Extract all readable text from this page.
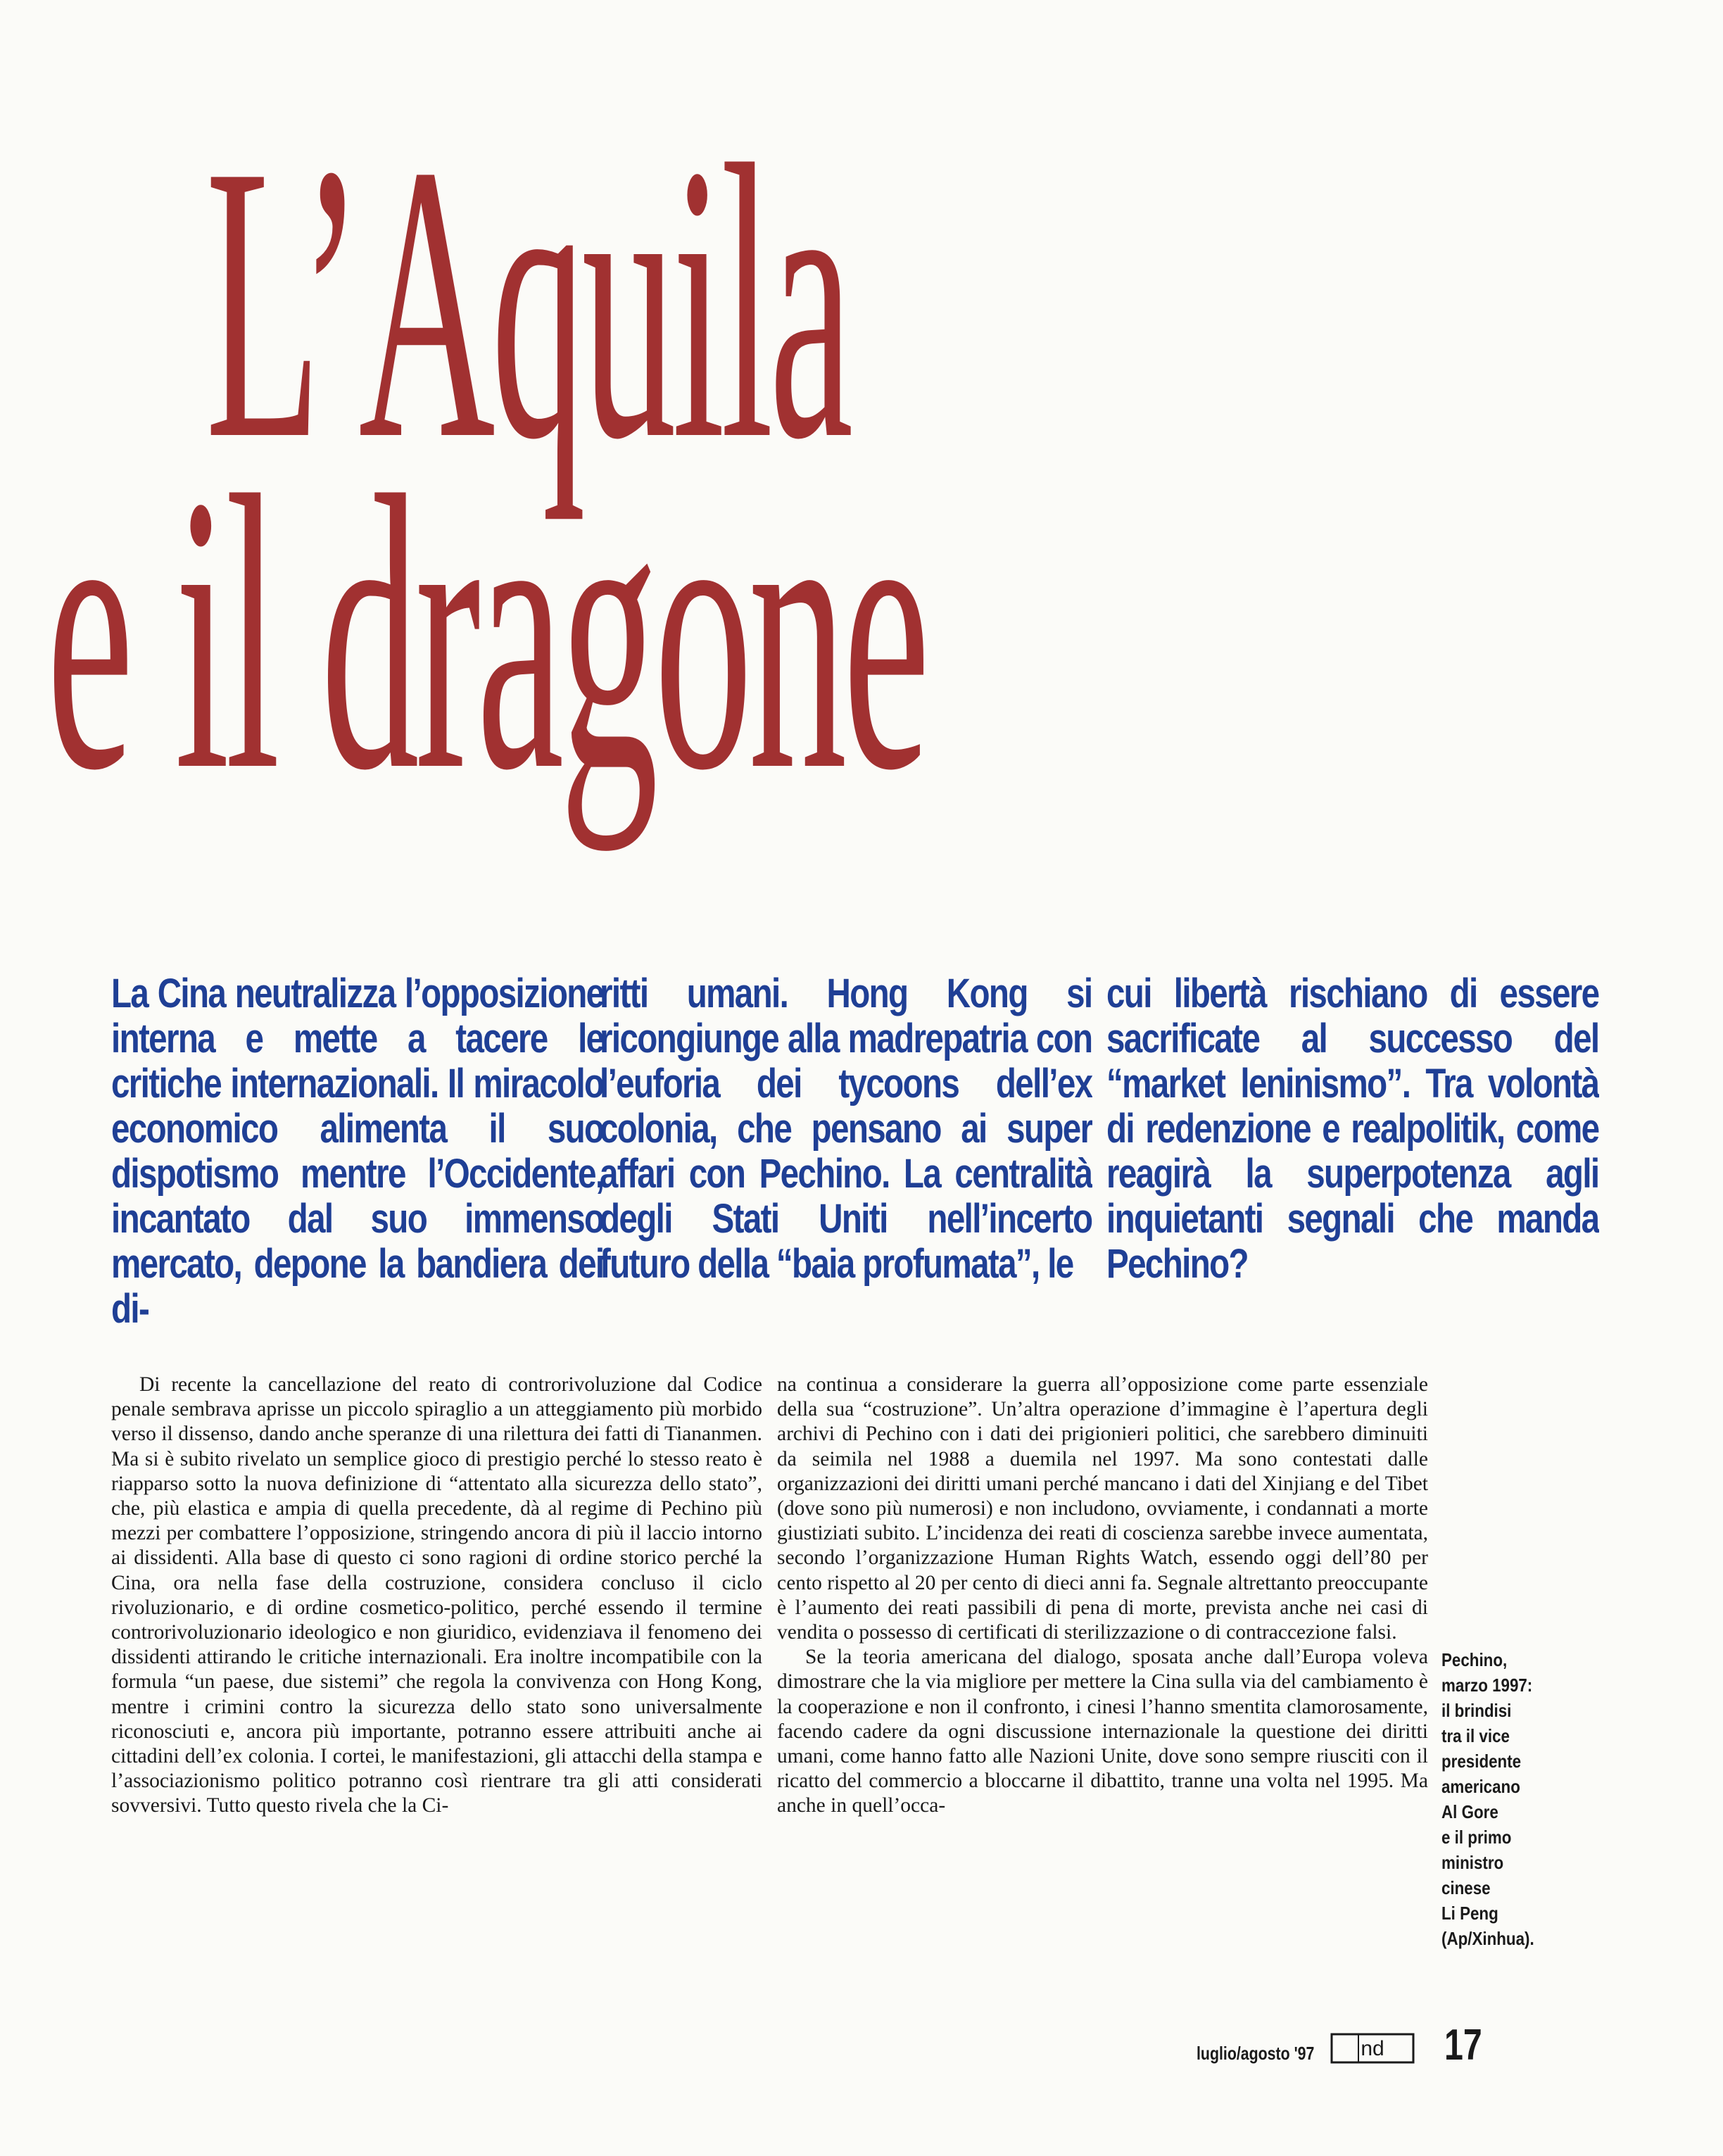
L’Aquila
e il dragone
La Cina neutralizza l’opposizione interna e mette a tacere le critiche internazionali. Il miracolo economico alimenta il suo dispotismo mentre l’Occidente, incantato dal suo immenso mercato, depone la bandiera dei di-
ritti umani. Hong Kong si ricongiunge alla madrepatria con l’euforia dei tycoons dell’ex colonia, che pensano ai super affari con Pechino. La centralità degli Stati Uniti nell’incerto futuro della “baia profumata”, le
cui libertà rischiano di essere sacrificate al successo del “market leninismo”. Tra volontà di redenzione e realpolitik, come reagirà la superpotenza agli inquietanti segnali che manda Pechino?

Di recente la cancellazione del reato di controrivoluzione dal Codice penale sembrava aprisse un piccolo spiraglio a un atteggiamento più morbido verso il dissenso, dando anche speranze di una rilettura dei fatti di Tiananmen. Ma si è subito rivelato un semplice gioco di prestigio perché lo stesso reato è riapparso sotto la nuova definizione di “attentato alla sicurezza dello stato”, che, più elastica e ampia di quella precedente, dà al regime di Pechino più mezzi per combattere l’opposizione, stringendo ancora di più il laccio intorno ai dissidenti. Alla base di questo ci sono ragioni di ordine storico perché la Cina, ora nella fase della costruzione, considera concluso il ciclo rivoluzionario, e di ordine cosmetico-politico, perché essendo il termine controrivoluzionario ideologico e non giuridico, evidenziava il fenomeno dei dissidenti attirando le critiche internazionali. Era inoltre incompatibile con la formula “un paese, due sistemi” che regola la convivenza con Hong Kong, mentre i crimini contro la sicurezza dello stato sono universalmente riconosciuti e, ancora più importante, potranno essere attribuiti anche ai cittadini dell’ex colonia. I cortei, le manifestazioni, gli attacchi della stampa e l’associazionismo politico potranno così rientrare tra gli atti considerati sovversivi. Tutto questo rivela che la Ci-

na continua a considerare la guerra all’opposizione come parte essenziale della sua “costruzione”. Un’altra operazione d’immagine è l’apertura degli archivi di Pechino con i dati dei prigionieri politici, che sarebbero diminuiti da seimila nel 1988 a duemila nel 1997. Ma sono contestati dalle organizzazioni dei diritti umani perché mancano i dati del Xinjiang e del Tibet (dove sono più numerosi) e non includono, ovviamente, i condannati a morte giustiziati subito. L’incidenza dei reati di coscienza sarebbe invece aumentata, secondo l’organizzazione Human Rights Watch, essendo oggi dell’80 per cento rispetto al 20 per cento di dieci anni fa. Segnale altrettanto preoccupante è l’aumento dei reati passibili di pena di morte, prevista anche nei casi di vendita o possesso di certificati di sterilizzazione o di contraccezione falsi.

Se la teoria americana del dialogo, sposata anche dall’Europa voleva dimostrare che la via migliore per mettere la Cina sulla via del cambiamento è la cooperazione e non il confronto, i cinesi l’hanno smentita clamorosamente, facendo cadere da ogni discussione internazionale la questione dei diritti umani, come hanno fatto alle Nazioni Unite, dove sono sempre riusciti con il ricatto del commercio a bloccarne il dibattito, tranne una volta nel 1995. Ma anche in quell’occa-

Pechino,
marzo 1997:
il brindisi
tra il vice
presidente
americano
Al Gore
e il primo
ministro
cinese
Li Peng
(Ap/Xinhua).
luglio/agosto '97 nd 17
